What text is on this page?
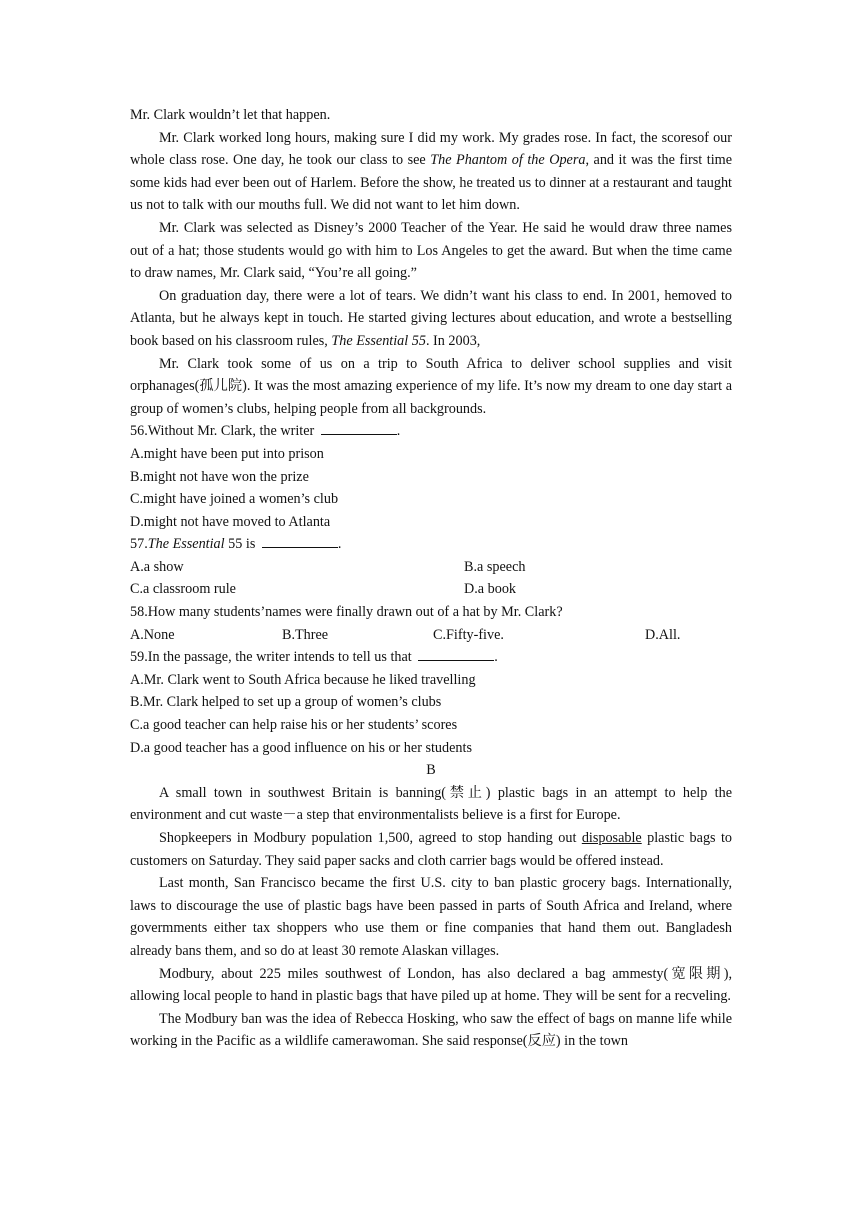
Mr. Clark wouldn’t let that happen.

Mr. Clark worked long hours, making sure I did my work. My grades rose. In fact, the scoresof our whole class rose. One day, he took our class to see The Phantom of the Opera, and it was the first time some kids had ever been out of Harlem. Before the show, he treated us to dinner at a restaurant and taught us not to talk with our mouths full. We did not want to let him down.

Mr. Clark was selected as Disney’s 2000 Teacher of the Year. He said he would draw three names out of a hat; those students would go with him to Los Angeles to get the award. But when the time came to draw names, Mr. Clark said, “You’re all going.”

On graduation day, there were a lot of tears. We didn’t want his class to end. In 2001, hemoved to Atlanta, but he always kept in touch. He started giving lectures about education, and wrote a bestselling book based on his classroom rules, The Essential 55. In 2003,

Mr. Clark took some of us on a trip to South Africa to deliver school supplies and visit orphanages(孤儿院). It was the most amazing experience of my life. It’s now my dream to one day start a group of women’s clubs, helping people from all backgrounds.

56.Without Mr. Clark, the writer	.

A.might have been put into prison

B.might not have won the prize

C.might have joined a women’s club

D.might not have moved to Atlanta

57.The Essential 55 is	.

A.a show	B.a speech
C.a classroom rule	D.a book

58.How many students’names were finally drawn out of a hat by Mr. Clark?

A.None	B.Three	C.Fifty-five.	D.All.

59.In the passage, the writer intends to tell us that	.

A.Mr. Clark went to South Africa because he liked travelling

B.Mr. Clark helped to set up a group of women’s clubs

C.a good teacher can help raise his or her students’ scores

D.a good teacher has a good influence on his or her students

B

A small town in southwest Britain is banning(禁止) plastic bags in an attempt to help the environment and cut waste－a step that environmentalists believe is a first for Europe.

Shopkeepers in Modbury population 1,500, agreed to stop handing out disposable plastic bags to customers on Saturday. They said paper sacks and cloth carrier bags would be offered instead.

Last month, San Francisco became the first U.S. city to ban plastic grocery bags. Internationally, laws to discourage the use of plastic bags have been passed in parts of South Africa and Ireland, where govermments either tax shoppers who use them or fine companies that hand them out. Bangladesh already bans them, and so do at least 30 remote Alaskan villages.

Modbury, about 225 miles southwest of London, has also declared a bag ammesty(宽限期), allowing local people to hand in plastic bags that have piled up at home. They will be sent for a recveling.

The Modbury ban was the idea of Rebecca Hosking, who saw the effect of bags on manne life while working in the Pacific as a wildlife camerawoman. She said response(反应) in the town
